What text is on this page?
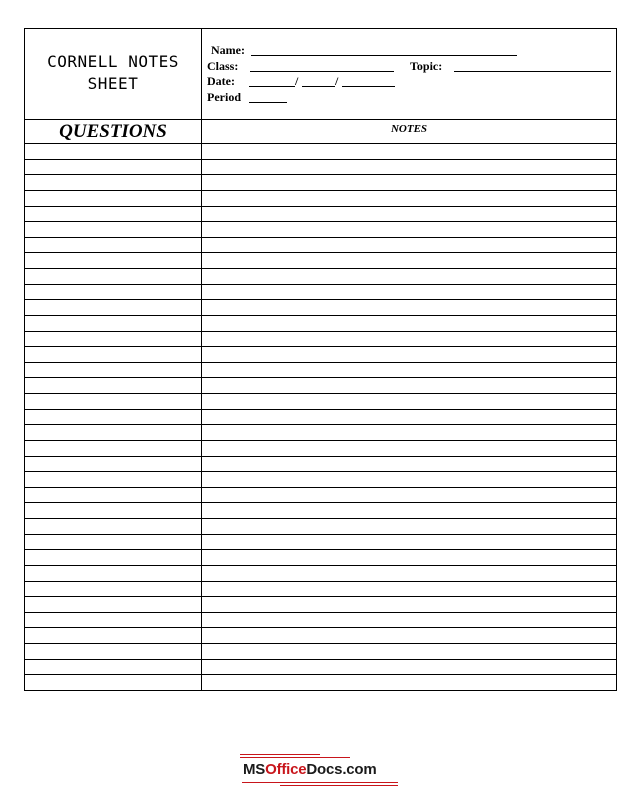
CORNELL NOTES
SHEET
Name:
Class:	Topic:
Date:	/	/
Period
QUESTIONS	NOTES
MSOfficeDocs.com
